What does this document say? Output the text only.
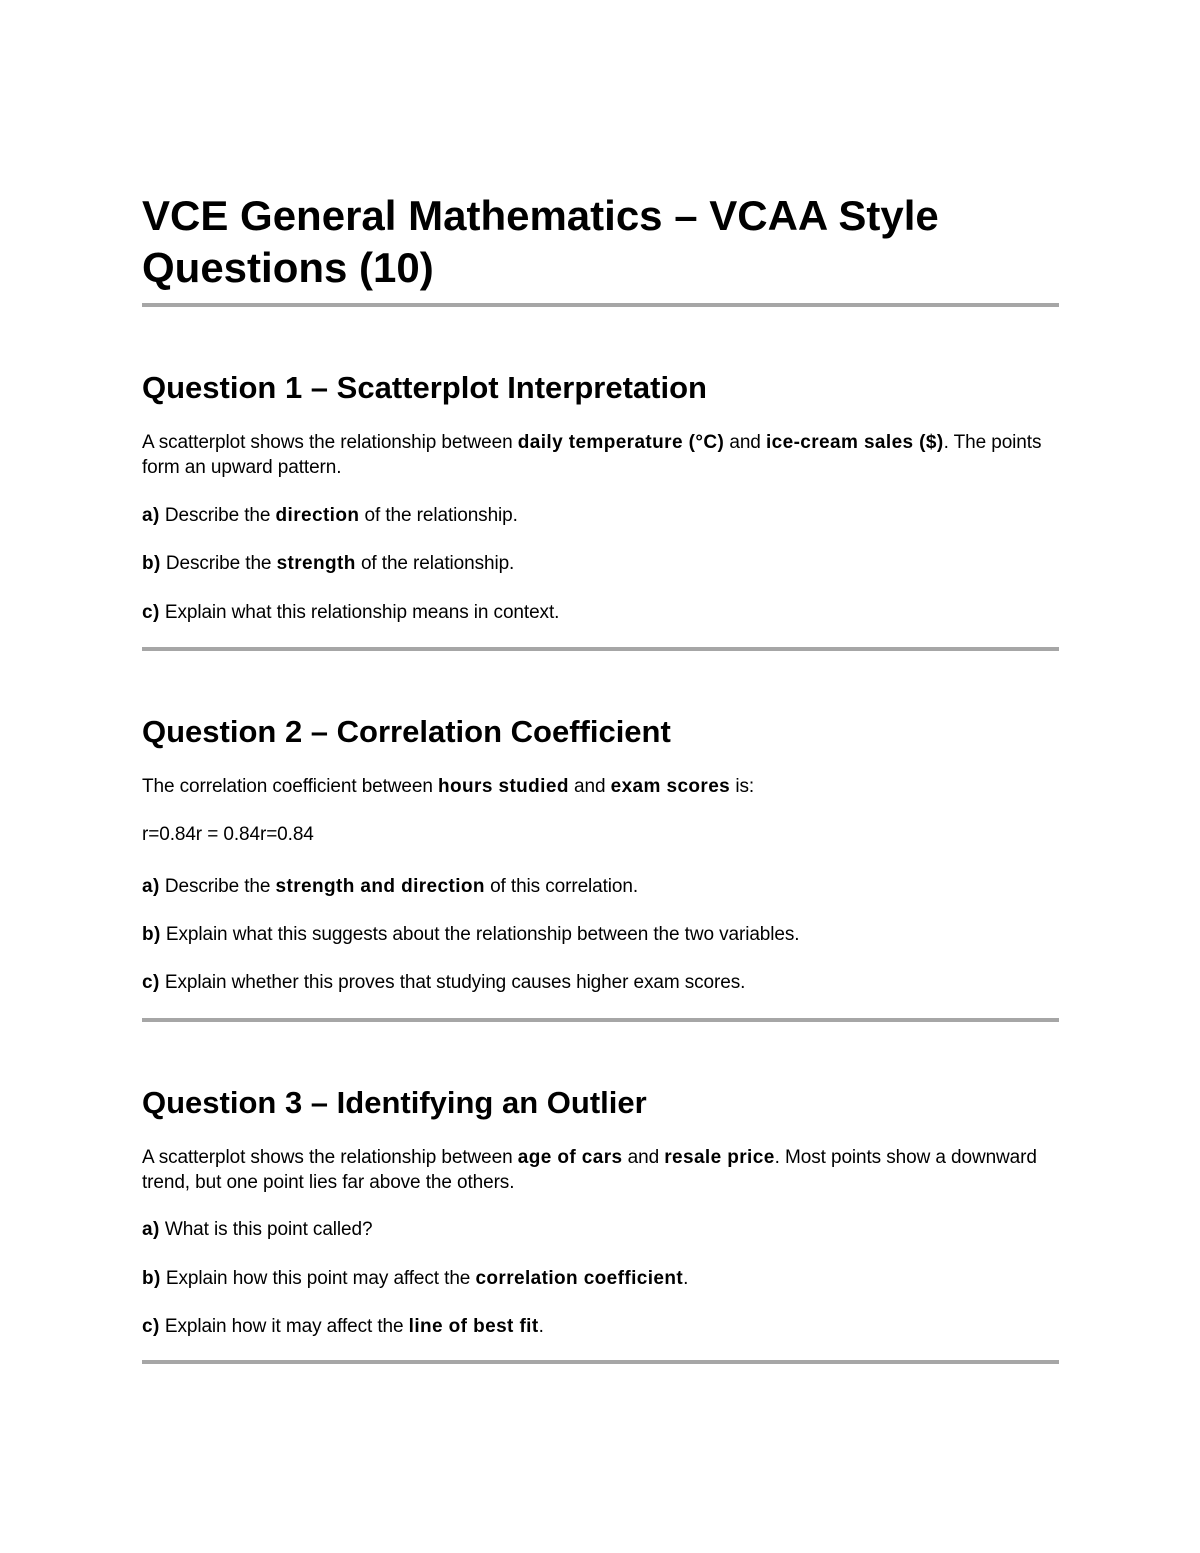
VCE General Mathematics – VCAA Style Questions (10)
Question 1 – Scatterplot Interpretation

A scatterplot shows the relationship between daily temperature (°C) and ice-cream sales ($). The points form an upward pattern.

a) Describe the direction of the relationship.

b) Describe the strength of the relationship.

c) Explain what this relationship means in context.

Question 2 – Correlation Coefficient

The correlation coefficient between hours studied and exam scores is:

r=0.84r = 0.84r=0.84

a) Describe the strength and direction of this correlation.

b) Explain what this suggests about the relationship between the two variables.

c) Explain whether this proves that studying causes higher exam scores.

Question 3 – Identifying an Outlier

A scatterplot shows the relationship between age of cars and resale price. Most points show a downward trend, but one point lies far above the others.

a) What is this point called?

b) Explain how this point may affect the correlation coefficient.

c) Explain how it may affect the line of best fit.
